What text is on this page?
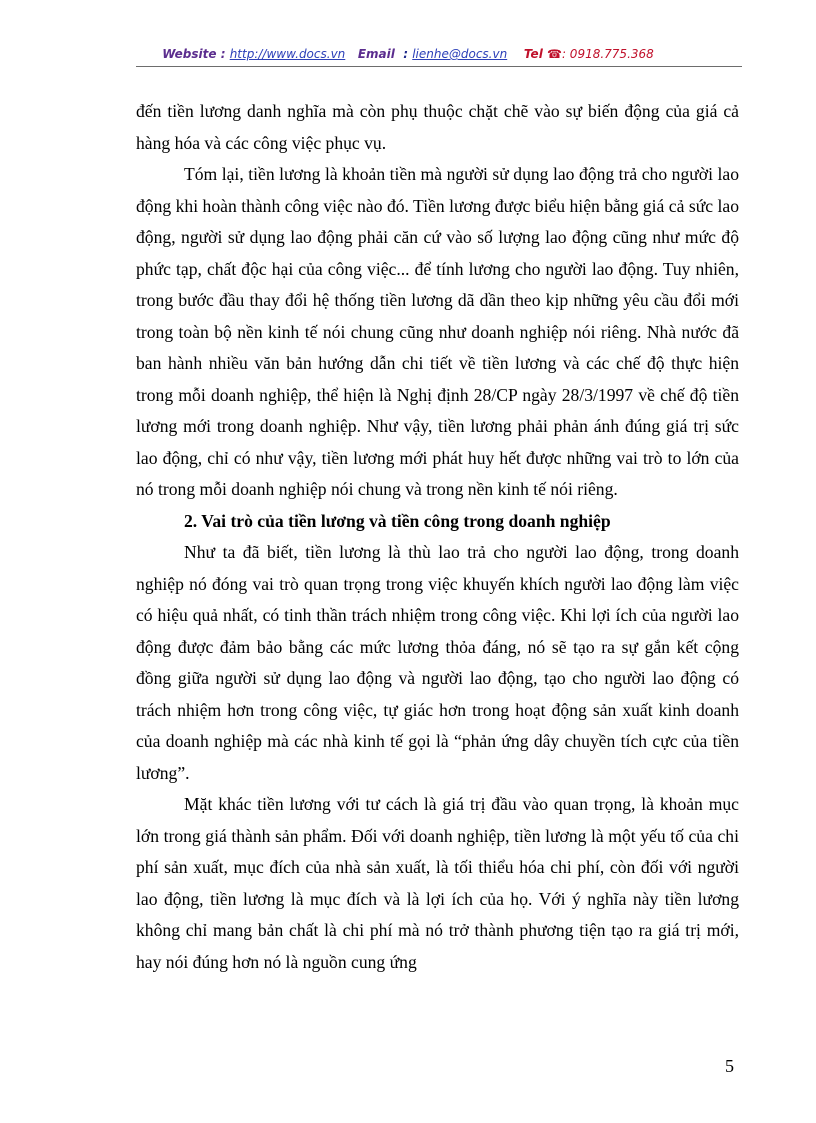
Website : http://www.docs.vn Email : lienhe@docs.vn Tel ☎: 0918.775.368

đến tiền lương danh nghĩa mà còn phụ thuộc chặt chẽ vào sự biến động của giá cả hàng hóa và các công việc phục vụ.

Tóm lại, tiền lương là khoản tiền mà người sử dụng lao động trả cho người lao động khi hoàn thành công việc nào đó. Tiền lương được biểu hiện bằng giá cả sức lao động, người sử dụng lao động phải căn cứ vào số lượng lao động cũng như mức độ phức tạp, chất độc hại của công việc... để tính lương cho người lao động. Tuy nhiên, trong bước đầu thay đổi hệ thống tiền lương dã dần theo kịp những yêu cầu đổi mới trong toàn bộ nền kinh tế nói chung cũng như doanh nghiệp nói riêng. Nhà nước đã ban hành nhiều văn bản hướng dẫn chi tiết về tiền lương và các chế độ thực hiện trong mỗi doanh nghiệp, thể hiện là Nghị định 28/CP ngày 28/3/1997 về chế độ tiền lương mới trong doanh nghiệp. Như vậy, tiền lương phải phản ánh đúng giá trị sức lao động, chỉ có như vậy, tiền lương mới phát huy hết được những vai trò to lớn của nó trong mỗi doanh nghiệp nói chung và trong nền kinh tế nói riêng.

2. Vai trò của tiền lương và tiền công trong doanh nghiệp

Như ta đã biết, tiền lương là thù lao trả cho người lao động, trong doanh nghiệp nó đóng vai trò quan trọng trong việc khuyến khích người lao động làm việc có hiệu quả nhất, có tinh thần trách nhiệm trong công việc. Khi lợi ích của người lao động được đảm bảo bằng các mức lương thỏa đáng, nó sẽ tạo ra sự gắn kết cộng đồng giữa người sử dụng lao động và người lao động, tạo cho người lao động có trách nhiệm hơn trong công việc, tự giác hơn trong hoạt động sản xuất kinh doanh của doanh nghiệp mà các nhà kinh tế gọi là “phản ứng dây chuyền tích cực của tiền lương”.

Mặt khác tiền lương với tư cách là giá trị đầu vào quan trọng, là khoản mục lớn trong giá thành sản phẩm. Đối với doanh nghiệp, tiền lương là một yếu tố của chi phí sản xuất, mục đích của nhà sản xuất, là tối thiểu hóa chi phí, còn đối với người lao động, tiền lương là mục đích và là lợi ích của họ. Với ý nghĩa này tiền lương không chỉ mang bản chất là chi phí mà nó trở thành phương tiện tạo ra giá trị mới, hay nói đúng hơn nó là nguồn cung ứng

5
